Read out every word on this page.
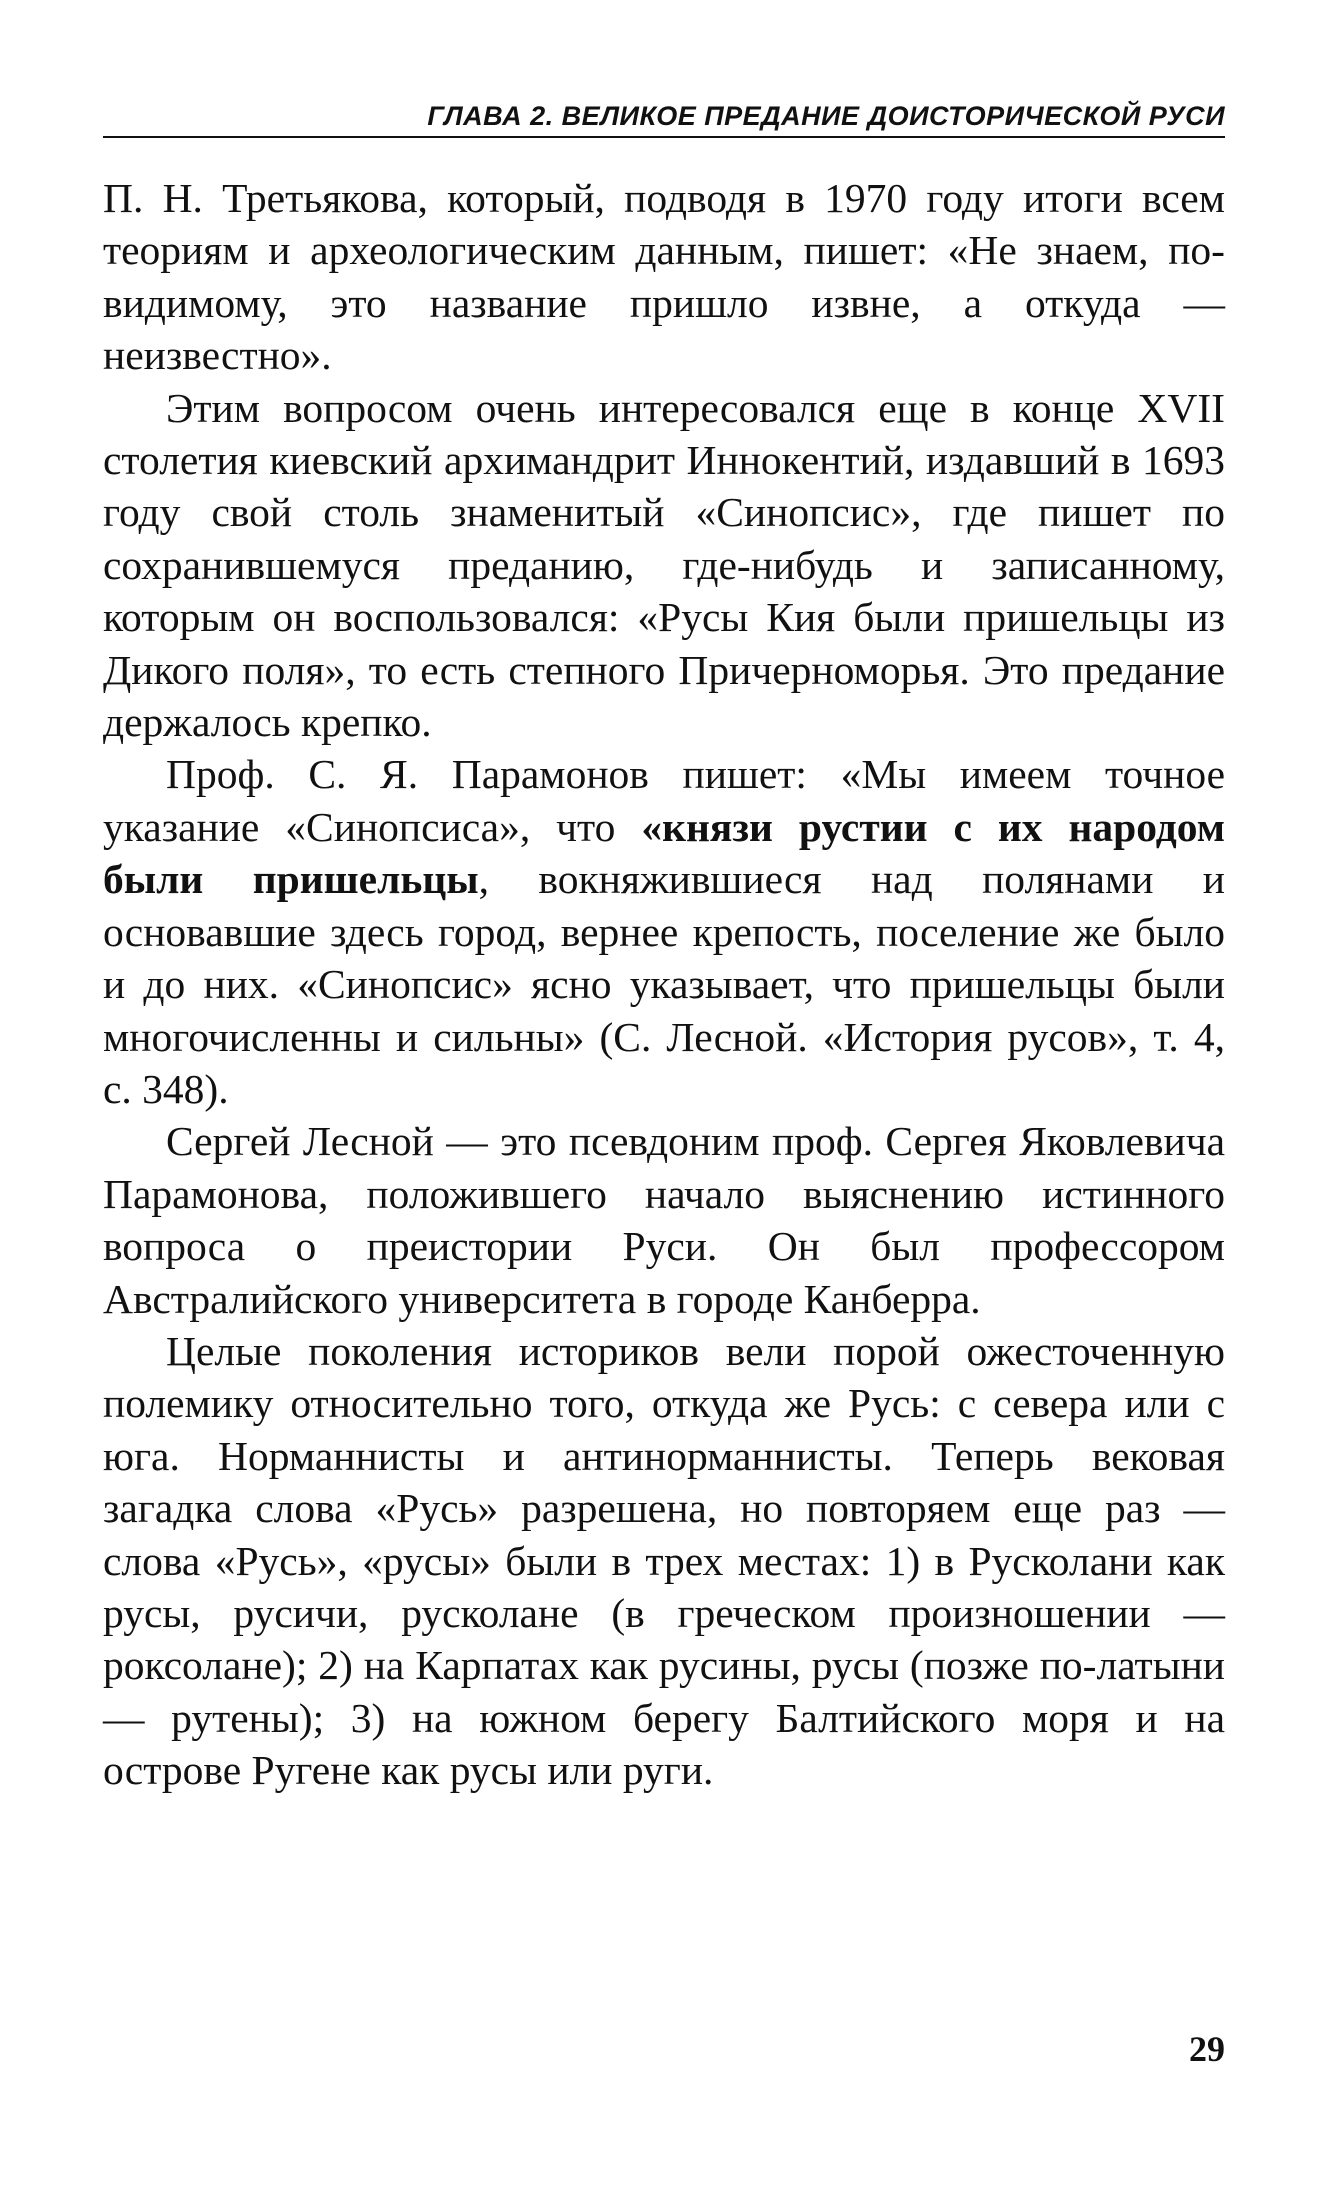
ГЛАВА 2. ВЕЛИКОЕ ПРЕДАНИЕ ДОИСТОРИЧЕСКОЙ РУСИ

П. Н. Третьякова, который, подводя в 1970 году итоги всем теориям и археологическим данным, пишет: «Не знаем, по-видимому, это название пришло извне, а откуда — неизвестно».

Этим вопросом очень интересовался еще в конце XVII столетия киевский архимандрит Иннокентий, издавший в 1693 году свой столь знаменитый «Синопсис», где пишет по сохранившемуся преданию, где-нибудь и записанному, которым он воспользовался: «Русы Кия были пришельцы из Дикого поля», то есть степного Причерноморья. Это предание держалось крепко.

Проф. С. Я. Парамонов пишет: «Мы имеем точное указание «Синопсиса», что «князи рустии с их народом были пришельцы, вокняжившиеся над полянами и основавшие здесь город, вернее крепость, поселение же было и до них. «Синопсис» ясно указывает, что пришельцы были многочисленны и сильны» (С. Лесной. «История русов», т. 4, с. 348).

Сергей Лесной — это псевдоним проф. Сергея Яковлевича Парамонова, положившего начало выяснению истинного вопроса о преистории Руси. Он был профессором Австралийского университета в городе Канберра.

Целые поколения историков вели порой ожесточенную полемику относительно того, откуда же Русь: с севера или с юга. Норманнисты и антинорманнисты. Теперь вековая загадка слова «Русь» разрешена, но повторяем еще раз — слова «Русь», «русы» были в трех местах: 1) в Русколани как русы, русичи, русколане (в греческом произношении — роксолане); 2) на Карпатах как русины, русы (позже по-латыни — рутены); 3) на южном берегу Балтийского моря и на острове Ругене как русы или руги.

29
